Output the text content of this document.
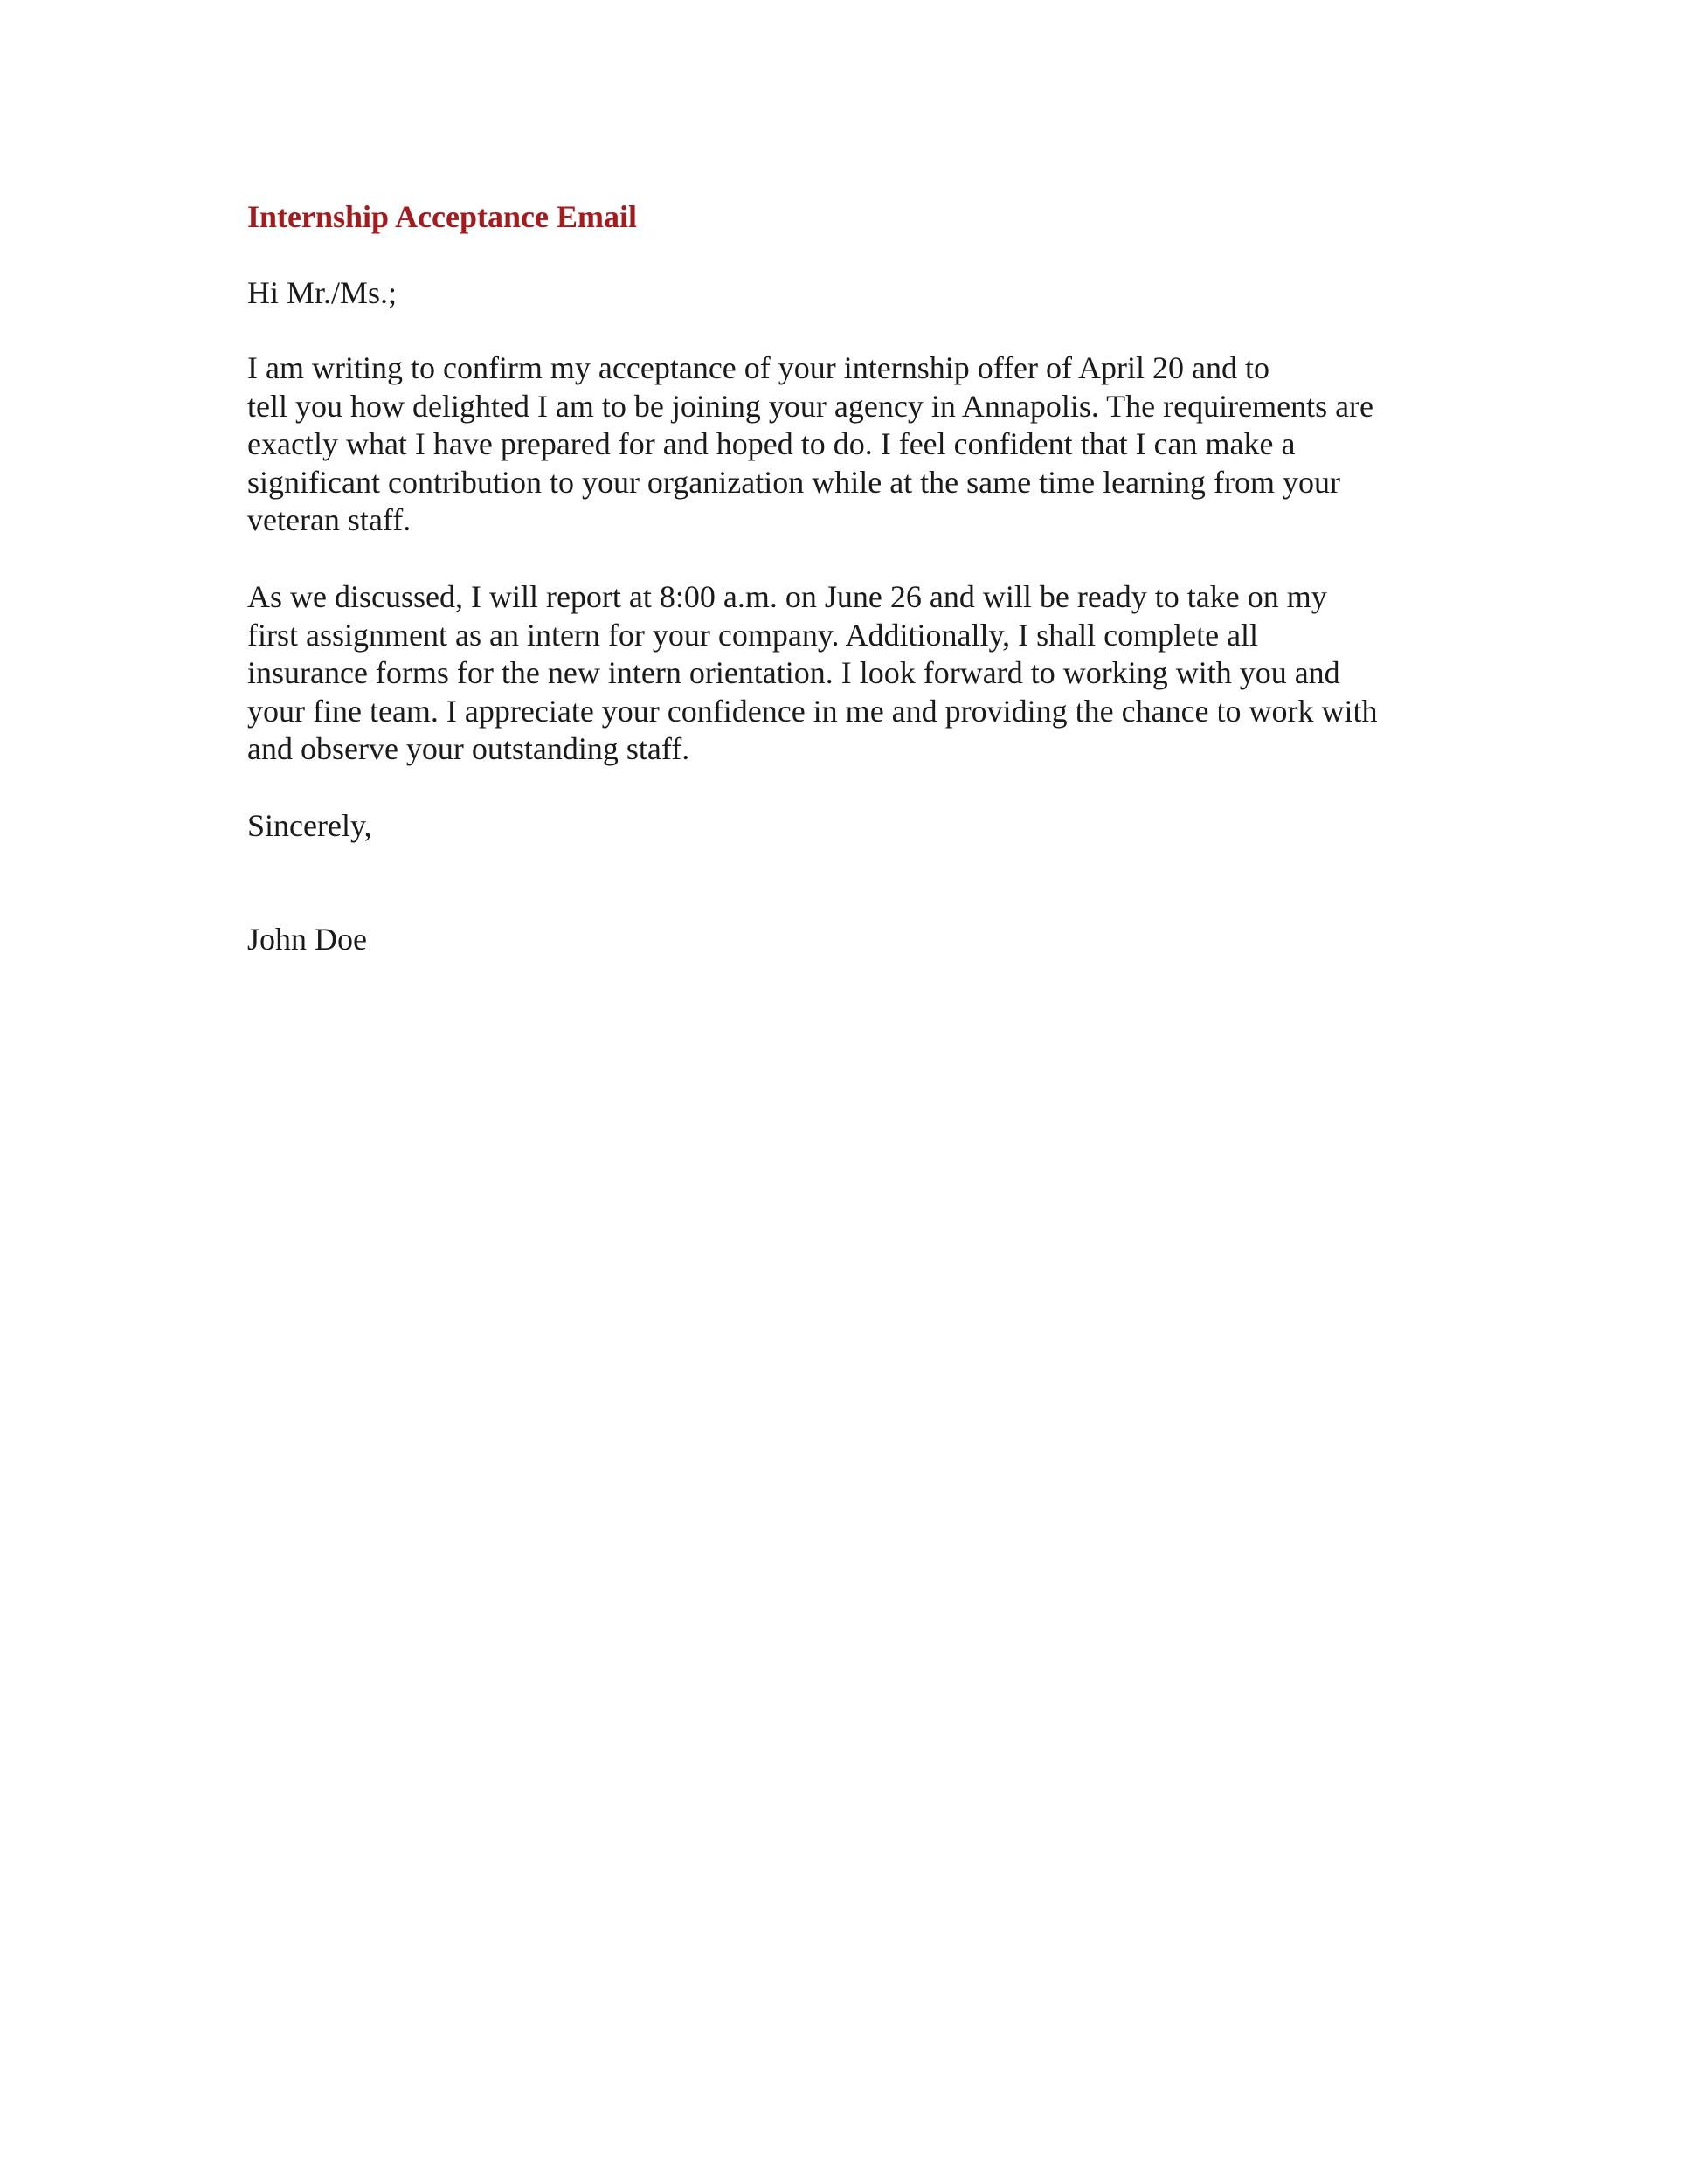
Internship Acceptance Email

Hi Mr./Ms.;

I am writing to confirm my acceptance of your internship offer of April 20 and to
tell you how delighted I am to be joining your agency in Annapolis. The requirements are
exactly what I have prepared for and hoped to do. I feel confident that I can make a
significant contribution to your organization while at the same time learning from your
veteran staff.

As we discussed, I will report at 8:00 a.m. on June 26 and will be ready to take on my
first assignment as an intern for your company. Additionally, I shall complete all
insurance forms for the new intern orientation. I look forward to working with you and
your fine team. I appreciate your confidence in me and providing the chance to work with
and observe your outstanding staff.

Sincerely,

John Doe
